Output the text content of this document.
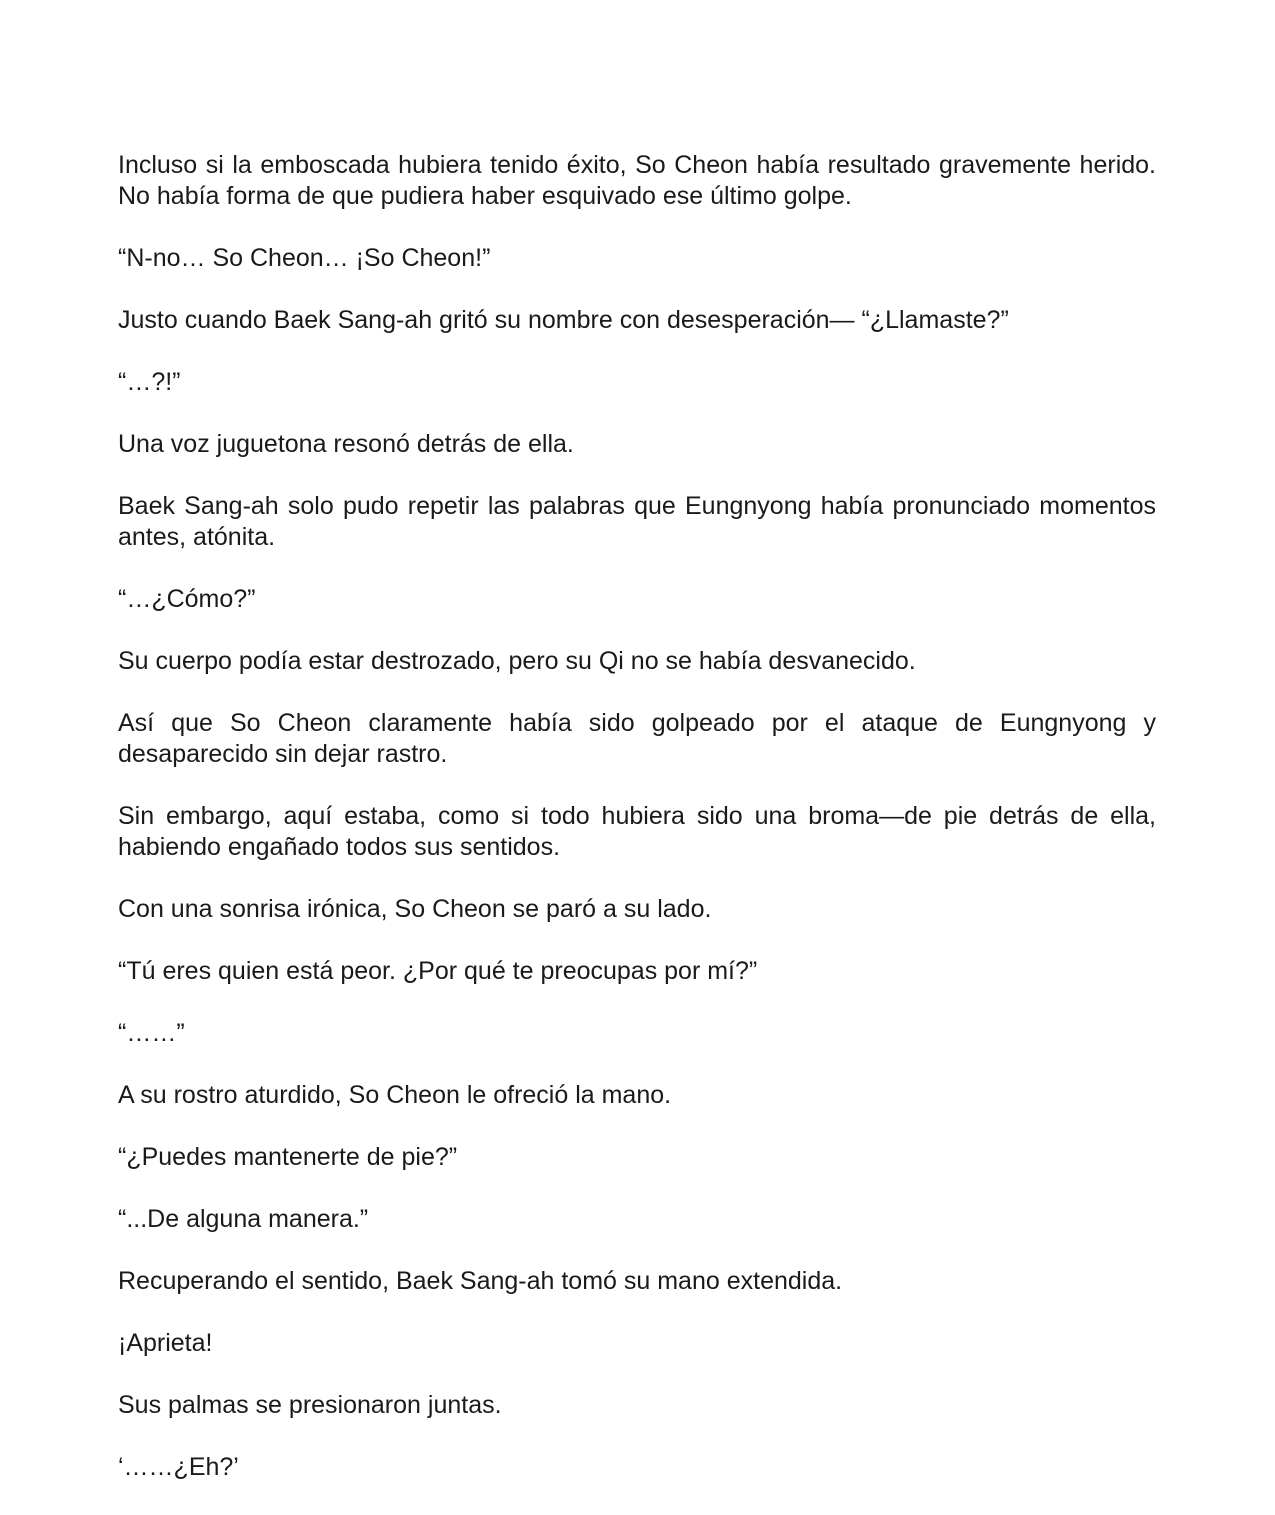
Incluso si la emboscada hubiera tenido éxito, So Cheon había resultado gravemente herido. No había forma de que pudiera haber esquivado ese último golpe.

“N-no… So Cheon… ¡So Cheon!”

Justo cuando Baek Sang-ah gritó su nombre con desesperación— “¿Llamaste?”

“…?!”

Una voz juguetona resonó detrás de ella.

Baek Sang-ah solo pudo repetir las palabras que Eungnyong había pronunciado momentos antes, atónita.

“…¿Cómo?”

Su cuerpo podía estar destrozado, pero su Qi no se había desvanecido.

Así que So Cheon claramente había sido golpeado por el ataque de Eungnyong y desaparecido sin dejar rastro.

Sin embargo, aquí estaba, como si todo hubiera sido una broma—de pie detrás de ella, habiendo engañado todos sus sentidos.

Con una sonrisa irónica, So Cheon se paró a su lado.

“Tú eres quien está peor. ¿Por qué te preocupas por mí?”

“……”

A su rostro aturdido, So Cheon le ofreció la mano.

“¿Puedes mantenerte de pie?”

“...De alguna manera.”

Recuperando el sentido, Baek Sang-ah tomó su mano extendida.

¡Aprieta!

Sus palmas se presionaron juntas.

‘……¿Eh?’
